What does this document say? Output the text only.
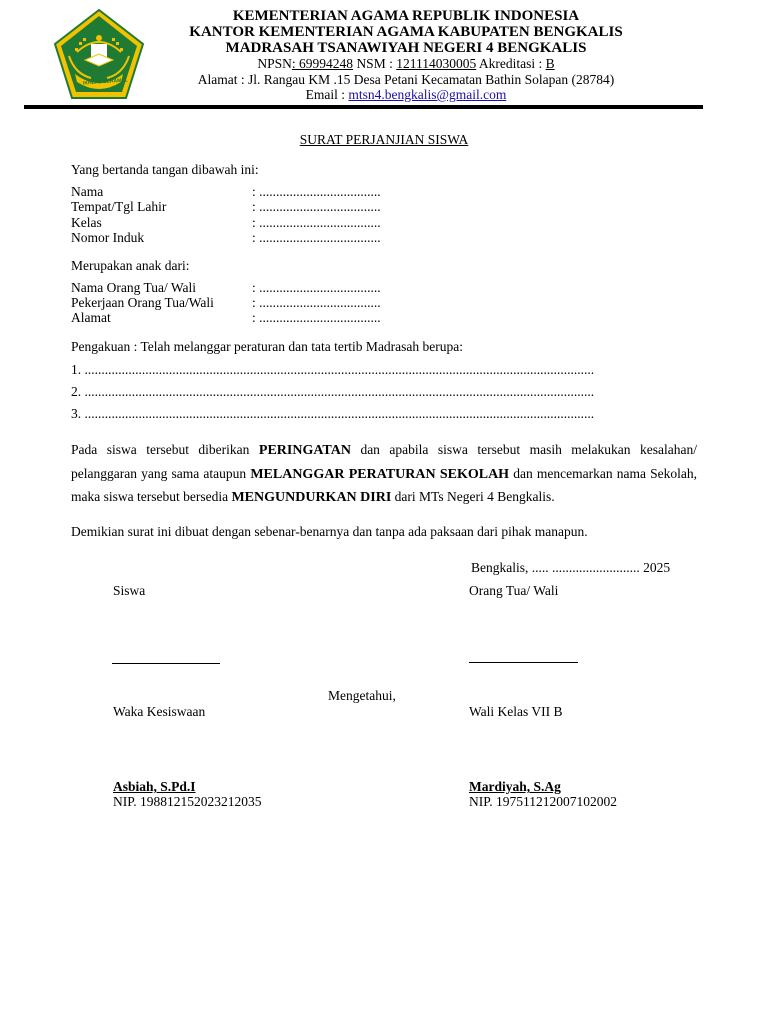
IKHLAS BERAMAL
KEMENTERIAN AGAMA REPUBLIK INDONESIA
KANTOR KEMENTERIAN AGAMA KABUPATEN BENGKALIS
MADRASAH TSANAWIYAH NEGERI 4 BENGKALIS
NPSN: 69994248 NSM : 121114030005 Akreditasi : B
Alamat : Jl. Rangau KM .15 Desa Petani Kecamatan Bathin Solapan (28784)
Email : mtsn4.bengkalis@gmail.com
SURAT PERJANJIAN SISWA
Yang bertanda tangan dibawah ini:
Nama	: ....................................
Tempat/Tgl Lahir	: ....................................
Kelas	: ....................................
Nomor Induk	: ....................................
Merupakan anak dari:
Nama Orang Tua/ Wali	: ....................................
Pekerjaan Orang Tua/Wali	: ....................................
Alamat	: ....................................
Pengakuan : Telah melanggar peraturan dan tata tertib Madrasah berupa:
1. .......................................................................................................................................................
2. .......................................................................................................................................................
3. .......................................................................................................................................................
Pada siswa tersebut diberikan PERINGATAN dan apabila siswa tersebut masih melakukan kesalahan/ pelanggaran yang sama ataupun MELANGGAR PERATURAN SEKOLAH dan mencemarkan nama Sekolah, maka siswa tersebut bersedia MENGUNDURKAN DIRI dari MTs Negeri 4 Bengkalis.
Demikian surat ini dibuat dengan sebenar-benarnya dan tanpa ada paksaan dari pihak manapun.
Bengkalis, ..... .......................... 2025
Siswa	Orang Tua/ Wali
Mengetahui,
Waka Kesiswaan	Wali Kelas VII B
Asbiah, S.Pd.I
NIP. 198812152023212035
Mardiyah, S.Ag
NIP. 197511212007102002
